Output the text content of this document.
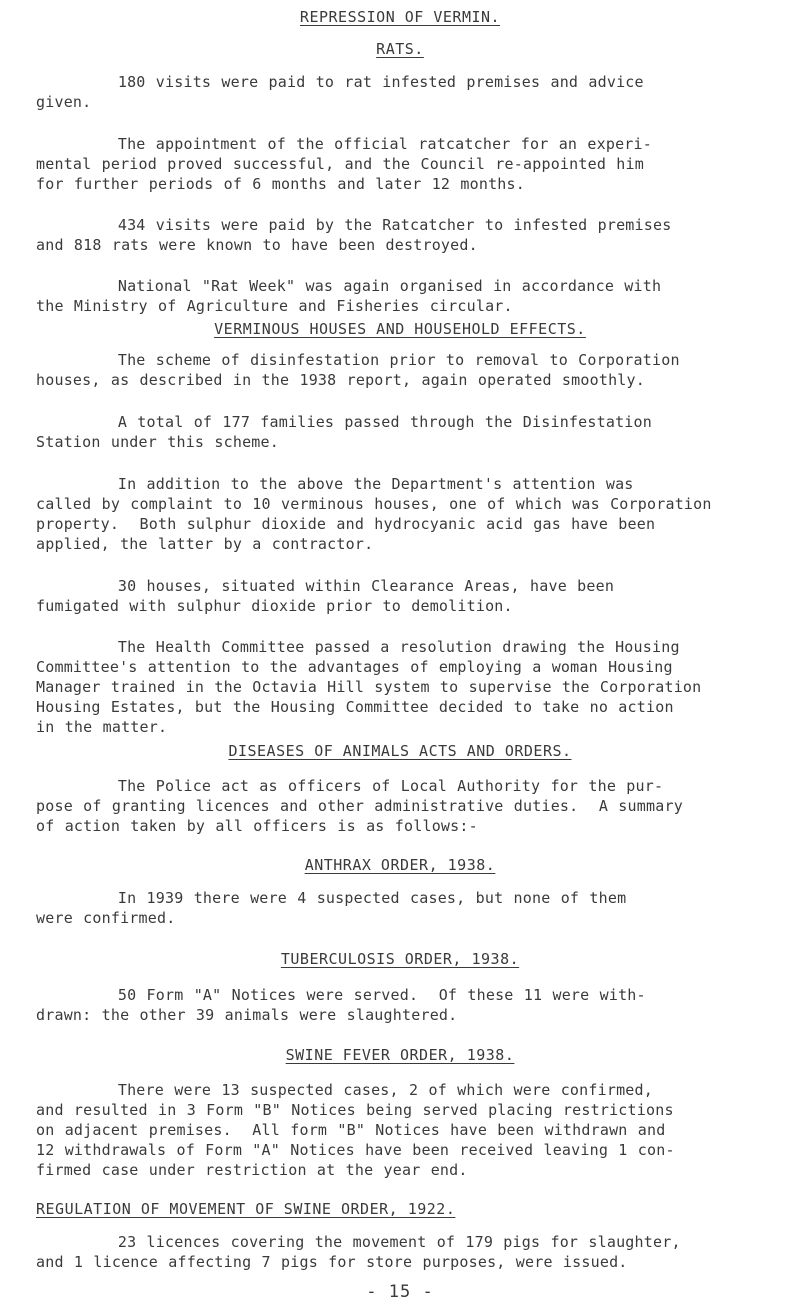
REPRESSION OF VERMIN.
RATS.
180 visits were paid to rat infested premises and advice
given.
The appointment of the official ratcatcher for an experi-
mental period proved successful, and the Council re-appointed him
for further periods of 6 months and later 12 months.
434 visits were paid by the Ratcatcher to infested premises
and 818 rats were known to have been destroyed.
National "Rat Week" was again organised in accordance with
the Ministry of Agriculture and Fisheries circular.
VERMINOUS HOUSES AND HOUSEHOLD EFFECTS.
The scheme of disinfestation prior to removal to Corporation
houses, as described in the 1938 report, again operated smoothly.
A total of 177 families passed through the Disinfestation
Station under this scheme.
In addition to the above the Department's attention was
called by complaint to 10 verminous houses, one of which was Corporation
property.  Both sulphur dioxide and hydrocyanic acid gas have been
applied, the latter by a contractor.
30 houses, situated within Clearance Areas, have been
fumigated with sulphur dioxide prior to demolition.
The Health Committee passed a resolution drawing the Housing
Committee's attention to the advantages of employing a woman Housing
Manager trained in the Octavia Hill system to supervise the Corporation
Housing Estates, but the Housing Committee decided to take no action
in the matter.
DISEASES OF ANIMALS ACTS AND ORDERS.
The Police act as officers of Local Authority for the pur-
pose of granting licences and other administrative duties.  A summary
of action taken by all officers is as follows:-
ANTHRAX ORDER, 1938.
In 1939 there were 4 suspected cases, but none of them
were confirmed.
TUBERCULOSIS ORDER, 1938.
50 Form "A" Notices were served.  Of these 11 were with-
drawn: the other 39 animals were slaughtered.
SWINE FEVER ORDER, 1938.
There were 13 suspected cases, 2 of which were confirmed,
and resulted in 3 Form "B" Notices being served placing restrictions
on adjacent premises.  All form "B" Notices have been withdrawn and
12 withdrawals of Form "A" Notices have been received leaving 1 con-
firmed case under restriction at the year end.
REGULATION OF MOVEMENT OF SWINE ORDER, 1922.
23 licences covering the movement of 179 pigs for slaughter,
and 1 licence affecting 7 pigs for store purposes, were issued.
- 15 -
